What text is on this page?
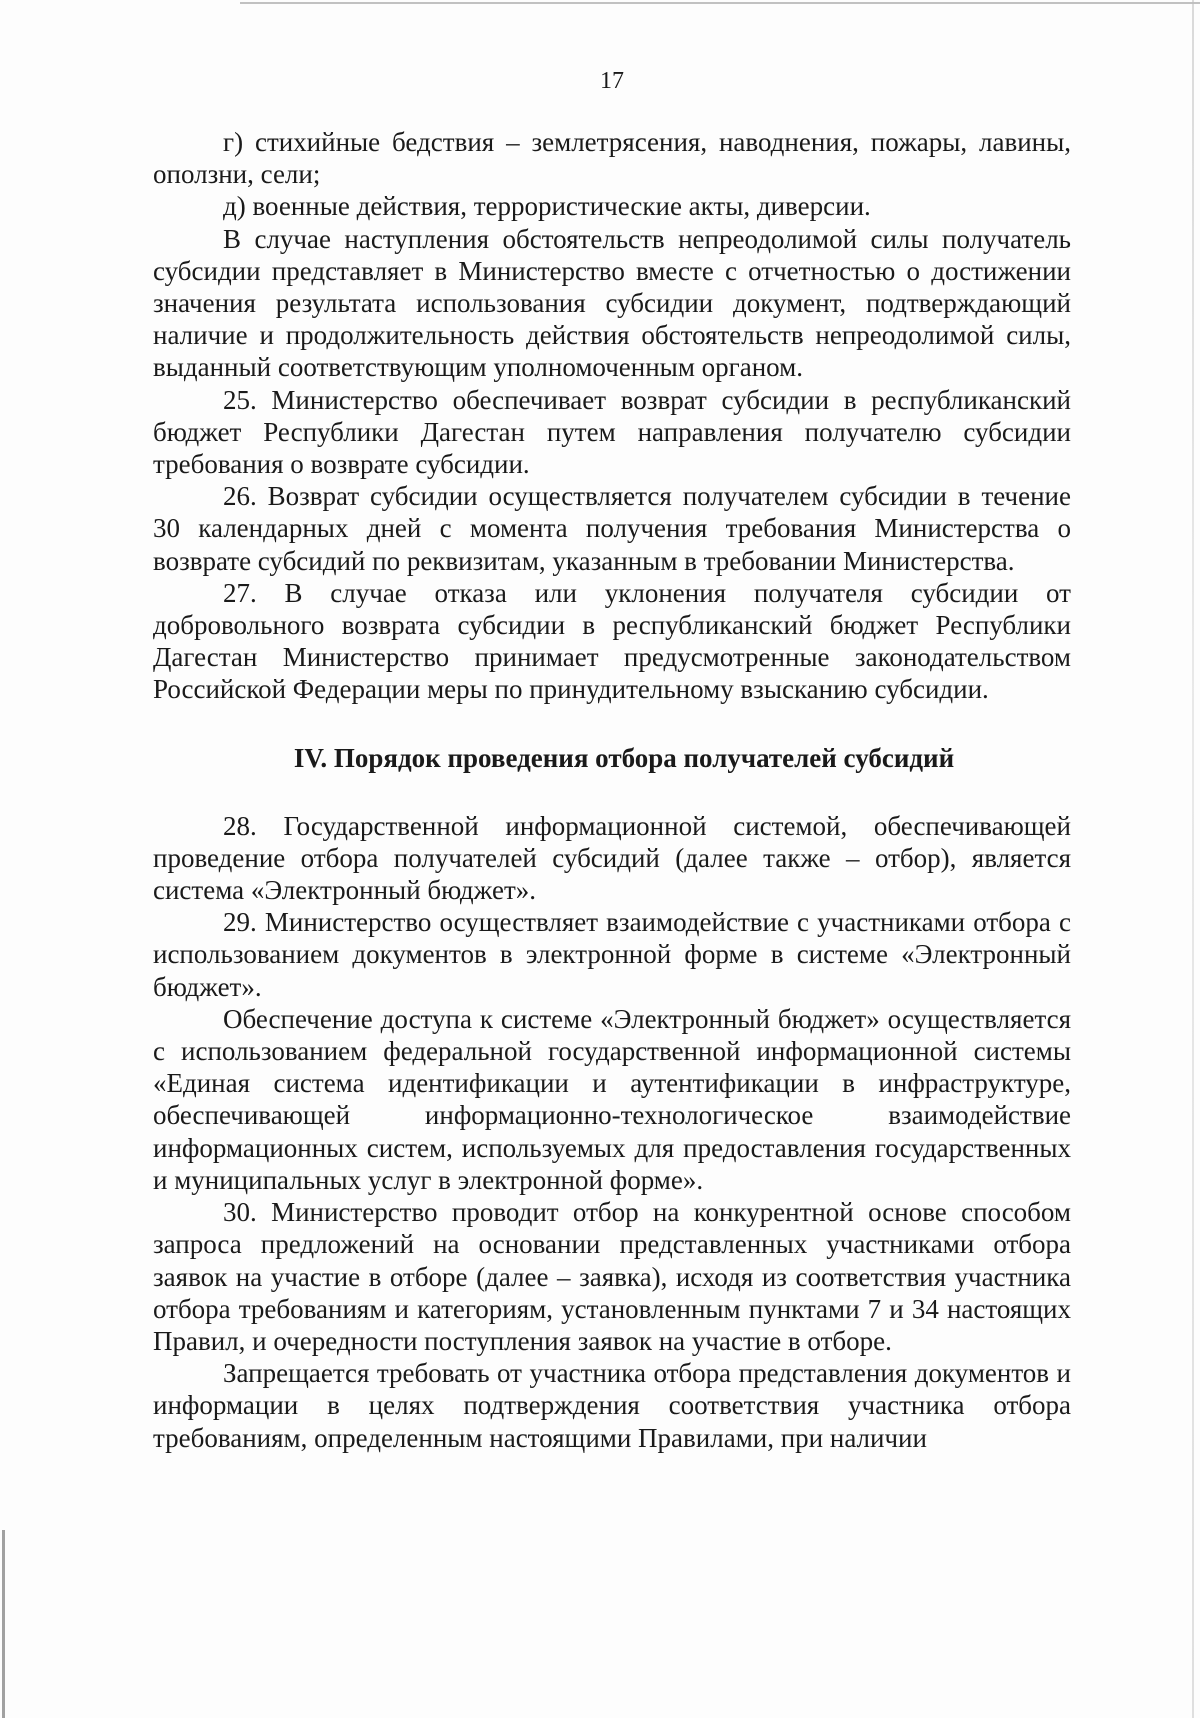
17

г) стихийные бедствия – землетрясения, наводнения, пожары, лавины, оползни, сели;

д) военные действия, террористические акты, диверсии.

В случае наступления обстоятельств непреодолимой силы получатель субсидии представляет в Министерство вместе с отчетностью о достижении значения результата использования субсидии документ, подтверждающий наличие и продолжительность действия обстоятельств непреодолимой силы, выданный соответствующим уполномоченным органом.

25. Министерство обеспечивает возврат субсидии в республиканский бюджет Республики Дагестан путем направления получателю субсидии требования о возврате субсидии.

26. Возврат субсидии осуществляется получателем субсидии в течение 30 календарных дней с момента получения требования Министерства о возврате субсидий по реквизитам, указанным в требовании Министерства.

27. В случае отказа или уклонения получателя субсидии от добровольного возврата субсидии в республиканский бюджет Республики Дагестан Министерство принимает предусмотренные законодательством Российской Федерации меры по принудительному взысканию субсидии.

IV. Порядок проведения отбора получателей субсидий

28. Государственной информационной системой, обеспечивающей проведение отбора получателей субсидий (далее также – отбор), является система «Электронный бюджет».

29. Министерство осуществляет взаимодействие с участниками отбора с использованием документов в электронной форме в системе «Электронный бюджет».

Обеспечение доступа к системе «Электронный бюджет» осуществляется с использованием федеральной государственной информационной системы «Единая система идентификации и аутентификации в инфраструктуре, обеспечивающей информационно-технологическое взаимодействие информационных систем, используемых для предоставления государственных и муниципальных услуг в электронной форме».

30. Министерство проводит отбор на конкурентной основе способом запроса предложений на основании представленных участниками отбора заявок на участие в отборе (далее – заявка), исходя из соответствия участника отбора требованиям и категориям, установленным пунктами 7 и 34 настоящих Правил, и очередности поступления заявок на участие в отборе.

Запрещается требовать от участника отбора представления документов и информации в целях подтверждения соответствия участника отбора требованиям, определенным настоящими Правилами, при наличии
